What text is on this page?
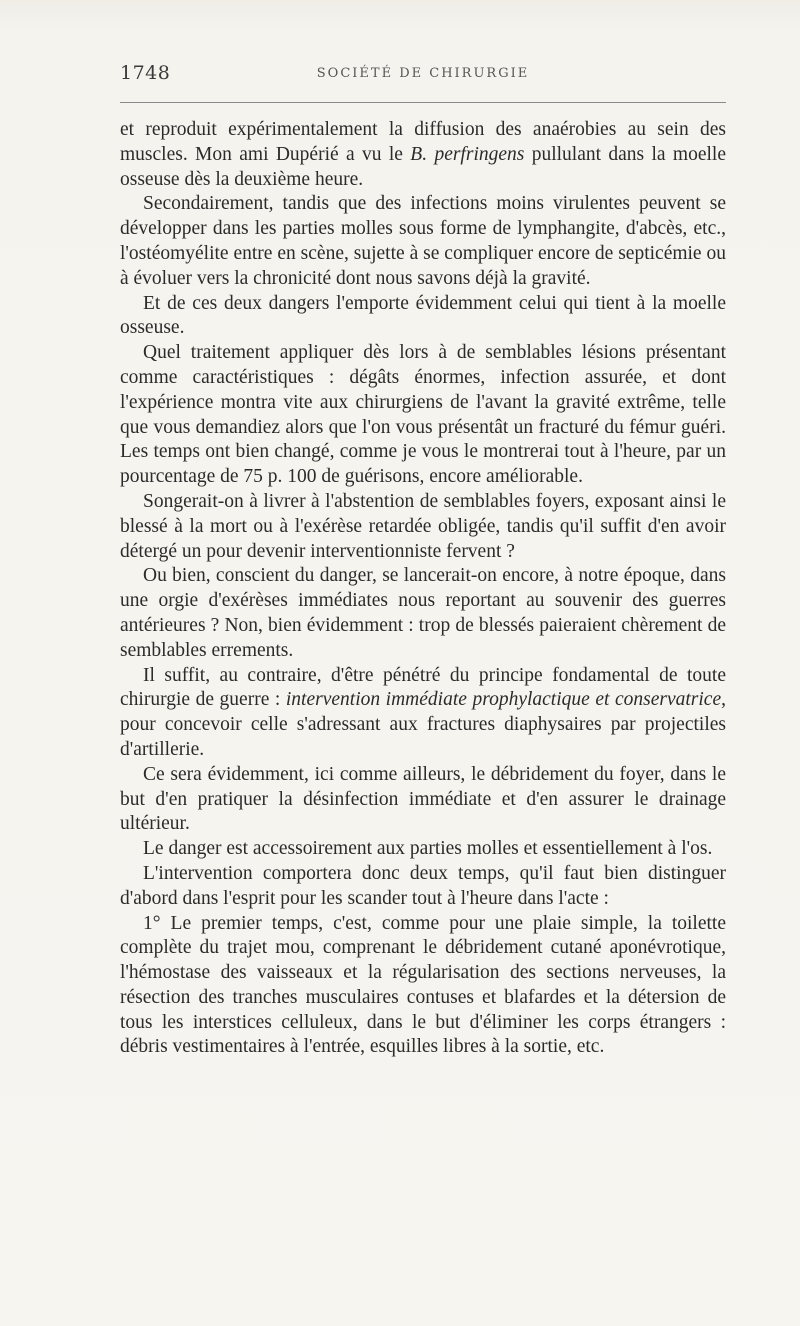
1748	SOCIÉTÉ DE CHIRURGIE

et reproduit expérimentalement la diffusion des anaérobies au sein des muscles. Mon ami Dupérié a vu le B. perfringens pullulant dans la moelle osseuse dès la deuxième heure.

Secondairement, tandis que des infections moins virulentes peuvent se développer dans les parties molles sous forme de lymphangite, d'abcès, etc., l'ostéomyélite entre en scène, sujette à se compliquer encore de septicémie ou à évoluer vers la chronicité dont nous savons déjà la gravité.

Et de ces deux dangers l'emporte évidemment celui qui tient à la moelle osseuse.

Quel traitement appliquer dès lors à de semblables lésions présentant comme caractéristiques : dégâts énormes, infection assurée, et dont l'expérience montra vite aux chirurgiens de l'avant la gravité extrême, telle que vous demandiez alors que l'on vous présentât un fracturé du fémur guéri. Les temps ont bien changé, comme je vous le montrerai tout à l'heure, par un pourcentage de 75 p. 100 de guérisons, encore améliorable.

Songerait-on à livrer à l'abstention de semblables foyers, exposant ainsi le blessé à la mort ou à l'exérèse retardée obligée, tandis qu'il suffit d'en avoir détergé un pour devenir interventionniste fervent ?

Ou bien, conscient du danger, se lancerait-on encore, à notre époque, dans une orgie d'exérèses immédiates nous reportant au souvenir des guerres antérieures ? Non, bien évidemment : trop de blessés paieraient chèrement de semblables errements.

Il suffit, au contraire, d'être pénétré du principe fondamental de toute chirurgie de guerre : intervention immédiate prophylactique et conservatrice, pour concevoir celle s'adressant aux fractures diaphysaires par projectiles d'artillerie.

Ce sera évidemment, ici comme ailleurs, le débridement du foyer, dans le but d'en pratiquer la désinfection immédiate et d'en assurer le drainage ultérieur.

Le danger est accessoirement aux parties molles et essentiellement à l'os.

L'intervention comportera donc deux temps, qu'il faut bien distinguer d'abord dans l'esprit pour les scander tout à l'heure dans l'acte :

1° Le premier temps, c'est, comme pour une plaie simple, la toilette complète du trajet mou, comprenant le débridement cutané aponévrotique, l'hémostase des vaisseaux et la régularisation des sections nerveuses, la résection des tranches musculaires contuses et blafardes et la détersion de tous les interstices celluleux, dans le but d'éliminer les corps étrangers : débris vestimentaires à l'entrée, esquilles libres à la sortie, etc.
